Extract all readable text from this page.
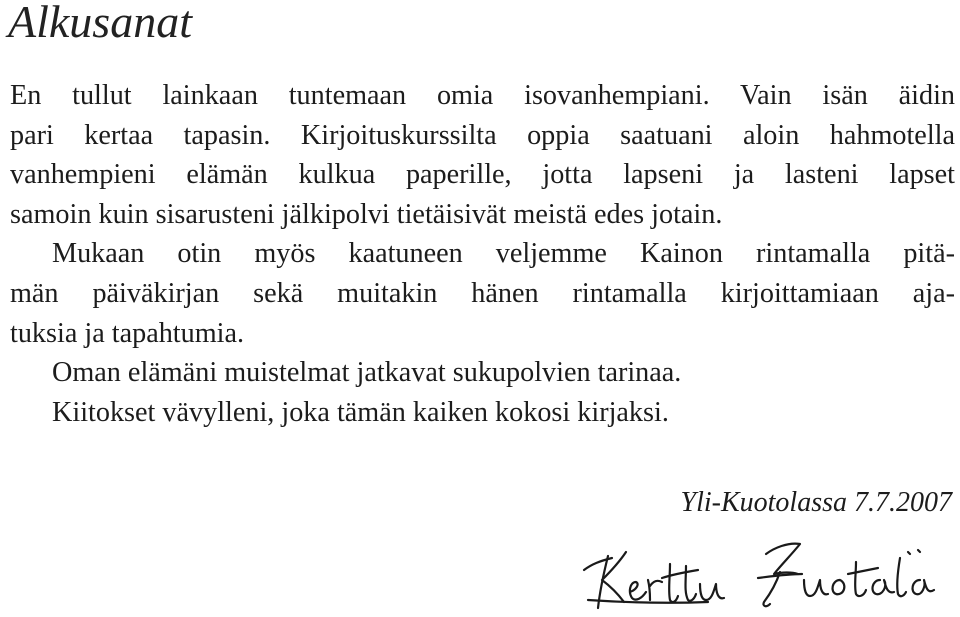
Alkusanat
En tullut lainkaan tuntemaan omia isovanhempiani. Vain isän äidin
pari kertaa tapasin. Kirjoituskurssilta oppia saatuani aloin hahmotella
vanhempieni elämän kulkua paperille, jotta lapseni ja lasteni lapset
samoin kuin sisarusteni jälkipolvi tietäisivät meistä edes jotain.
Mukaan otin myös kaatuneen veljemme Kainon rintamalla pitä-
män päiväkirjan sekä muitakin hänen rintamalla kirjoittamiaan aja-
tuksia ja tapahtumia.
Oman elämäni muistelmat jatkavat sukupolvien tarinaa.
Kiitokset vävylleni, joka tämän kaiken kokosi kirjaksi.
Yli-Kuotolassa 7.7.2007
